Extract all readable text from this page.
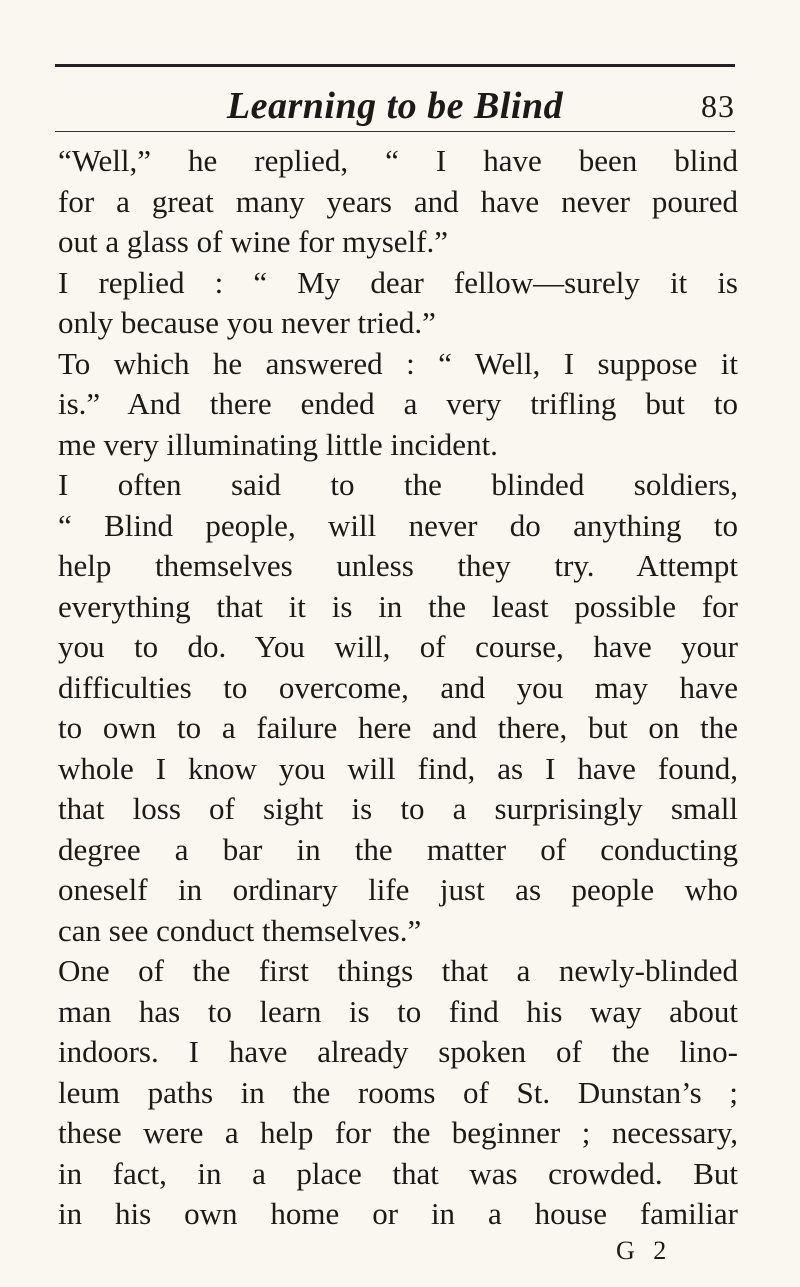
Learning to be Blind	83
“Well,” he replied, “ I have been blind
for a great many years and have never poured
out a glass of wine for myself.”
I replied : “ My dear fellow—surely it is
only because you never tried.”
To which he answered : “ Well, I suppose it
is.” And there ended a very trifling but to
me very illuminating little incident.
I often said to the blinded soldiers,
“ Blind people, will never do anything to
help themselves unless they try. Attempt
everything that it is in the least possible for
you to do. You will, of course, have your
difficulties to overcome, and you may have
to own to a failure here and there, but on the
whole I know you will find, as I have found,
that loss of sight is to a surprisingly small
degree a bar in the matter of conducting
oneself in ordinary life just as people who
can see conduct themselves.”
One of the first things that a newly-blinded
man has to learn is to find his way about
indoors. I have already spoken of the lino-
leum paths in the rooms of St. Dunstan’s ;
these were a help for the beginner ; necessary,
in fact, in a place that was crowded. But
in his own home or in a house familiar
G 2
